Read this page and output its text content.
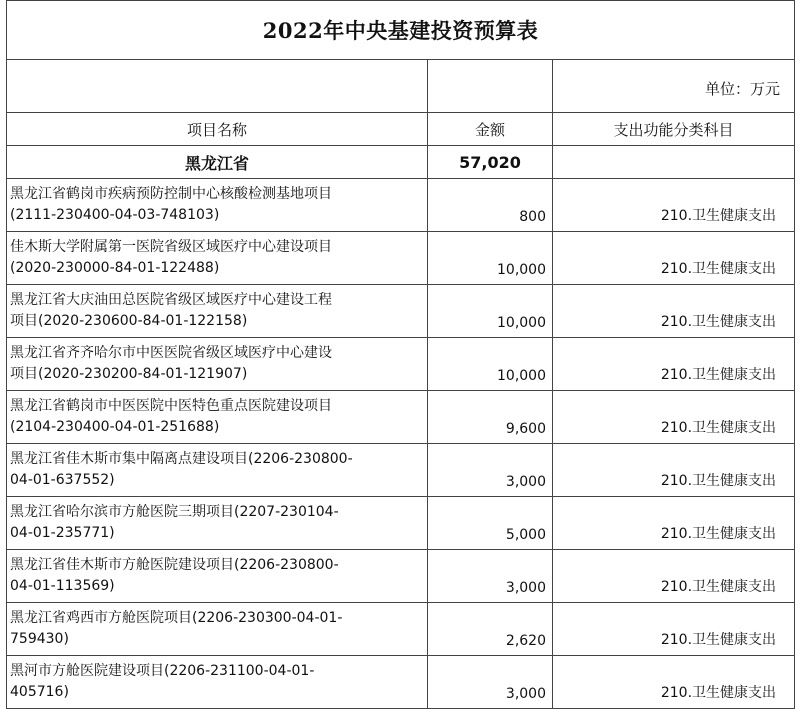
2022年中央基建投资预算表		
		单位：万元
项目名称	金额	支出功能分类科目
黑龙江省	57,020	

黑龙江省鹤岗市疾病预防控制中心核酸检测基地项目
(2111-230400-04-03-748103)	800	210.卫生健康支出

佳木斯大学附属第一医院省级区域医疗中心建设项目
(2020-230000-84-01-122488)	10,000	210.卫生健康支出

黑龙江省大庆油田总医院省级区域医疗中心建设工程
项目(2020-230600-84-01-122158)	10,000	210.卫生健康支出

黑龙江省齐齐哈尔市中医医院省级区域医疗中心建设
项目(2020-230200-84-01-121907)	10,000	210.卫生健康支出

黑龙江省鹤岗市中医医院中医特色重点医院建设项目
(2104-230400-04-01-251688)	9,600	210.卫生健康支出

黑龙江省佳木斯市集中隔离点建设项目(2206-230800-
04-01-637552)	3,000	210.卫生健康支出

黑龙江省哈尔滨市方舱医院三期项目(2207-230104-
04-01-235771)	5,000	210.卫生健康支出

黑龙江省佳木斯市方舱医院建设项目(2206-230800-
04-01-113569)	3,000	210.卫生健康支出

黑龙江省鸡西市方舱医院项目(2206-230300-04-01-
759430)	2,620	210.卫生健康支出

黑河市方舱医院建设项目(2206-231100-04-01-
405716)	3,000	210.卫生健康支出
